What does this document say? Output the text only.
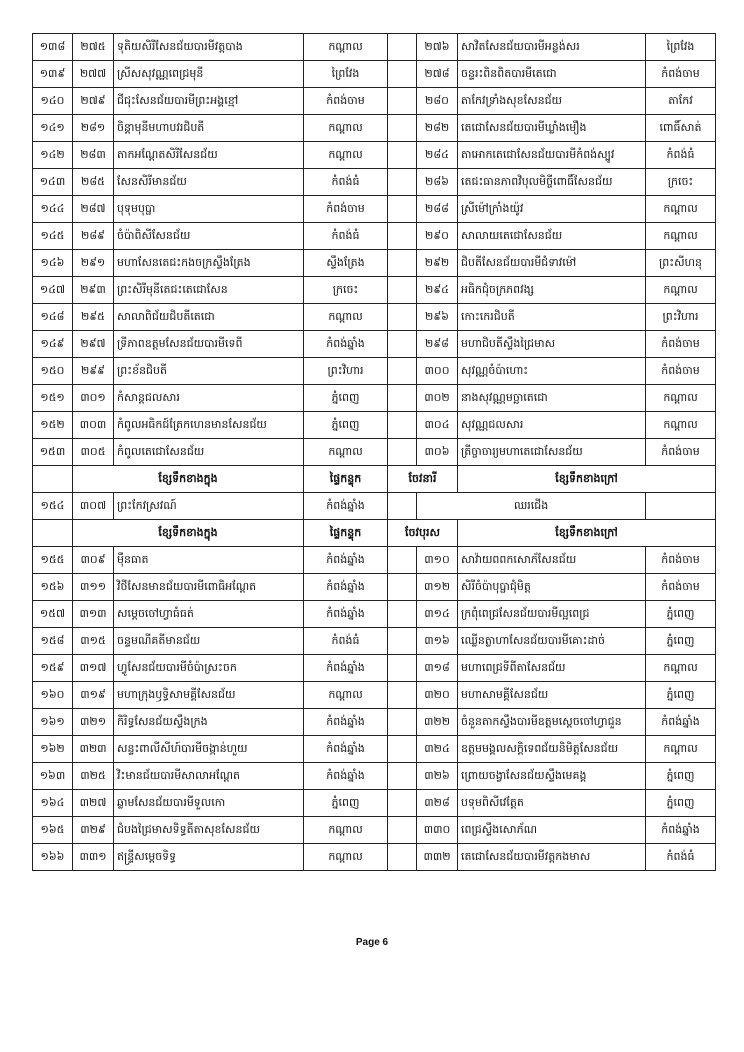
១៣៨	២៧៥	ទុតិយសិរីសែនជ័យបារមីវត្តបាង	កណ្តាល		២៧៦	សាវិតសែនជ័យបារមីអន្លង់សរ	ព្រៃវែង
១៣៩	២៧៧	ស្រីសសុវណ្ណពេជ្រមុនី	ព្រៃវែង		២៧៨	ចន្ទរះពិនពិតបារមីតេជោ	កំពង់ចាម
១៤០	២៧៩	ជីជុះសែនជ័យបារមីព្រះអង្គខ្មៅ	កំពង់ចាម		២៨០	តាកែវទ្រាំងសុខសែនជ័យ	តាកែវ
១៤១	២៨១	ចិន្តាមុនីមហាបវរជិបតី	កណ្តាល		២៨២	តេជោសែនជ័យបារមីឃ្លាំងមឿង	ពោធិ៍សាត់
១៤២	២៨៣	តាកអណ្តែតសិរីសែនជ័យ	កណ្តាល		២៨៤	តាអោកតេជោសែនជ័យបារមីកំពង់ស្បូវ	កំពង់ធំ
១៤៣	២៨៥	សែនសិរីមានជ័យ	កំពង់ធំ		២៨៦	តេជះធានភាពវិបុលមិច្ចីពោធិ៍សែនជ័យ	ក្រចេះ
១៤៤	២៨៧	បុទុមបុប្ផា	កំពង់ចាម		២៨៨	ស្រីម៉ៅក្រាំងយ៉ូវ	កណ្តាល
១៤៥	២៨៩	ចំប៉ាពិសីសែនជ័យ	កំពង់ធំ		២៩០	សាលាយតេជោសែនជ័យ	កណ្តាល
១៤៦	២៩១	មហាសែនតេជះកងចក្រស្ទឹងត្រែង	ស្ទឹងត្រែង		២៩២	ជិបតីសែនជ័យបារមីជំទាវម៉ៅ	ព្រះសីហនុ
១៤៧	២៩៣	ព្រះសិរីមុនីតេជះតេជោសែន	ក្រចេះ		២៩៤	អធិកជុំចក្រភពវង្ស	កណ្តាល
១៤៨	២៩៥	សាលាពិជ័យជិបតីតេជោ	កណ្តាល		២៩៦	កោះកេរជិបតី	ព្រះវិហារ
១៤៩	២៩៧	ទ្រីភាពឧត្តមសែនជ័យបារមីទេពី	កំពង់ឆ្នាំង		២៩៨	មហាជិបតីស្ទឹងជ្រៃមាស	កំពង់ចាម
១៥០	២៩៩	ព្រះខ័នជិបតី	ព្រះវិហារ		៣០០	សុវណ្ណចំប៉ាហោះ	កំពង់ចាម
១៥១	៣០១	កំសាន្តជលសារ	ភ្នំពេញ		៣០២	នាងសុវណ្ណមច្ឆាតេជោ	កណ្តាល
១៥២	៣០៣	កំពូលអធិកជ៍ត្រែកហេនមានសែនជ័យ	ភ្នំពេញ		៣០៤	សុវណ្ណជលសារ	កណ្តាល
១៥៣	៣០៥	កំពូលតេជោសែនជ័យ	កណ្តាល		៣០៦	ត្រីច្ចាចារ្យមហាតេជោសែនជ័យ	កំពង់ចាម
	ខ្សែទឹកខាងក្នុង		ផ្ទៃកន្ទុក	ចែវនារី		ខ្សែទឹកខាងក្រៅ	
១៥៤	៣០៧	ព្រះកែវស្រវណ៍	កំពង់ឆ្នាំង		ឈរជើង		
	ខ្សែទឹកខាងក្នុង		ផ្ទៃកន្ទុក	ចែវបុរស		ខ្សែទឹកខាងក្រៅ	
១៥៥	៣០៩	ម៉ឺនធាត	កំពង់ឆ្នាំង		៣១០	សាវ៉ាយពពកសោភ័សែនជ័យ	កំពង់ចាម
១៥៦	៣១១	វិថីសែនមានជ័យបារមីពោធិអណ្តែត	កំពង់ឆ្នាំង		៣១២	សិរីចំប៉ាបុប្ផាជុំមិត្ត	កំពង់ចាម
១៥៧	៣១៣	សម្តេចចៅហ្វាធំធត់	កំពង់ឆ្នាំង		៣១៤	ក្រពុំពេជ្រសែនជ័យបារមីល្អពេជ្រ	ភ្នំពេញ
១៥៨	៣១៥	ចន្ទមណីគតីមានជ័យ	កំពង់ធំ		៣១៦	ឈ្លើនត្លាហាសែនជ័យបារមីគោះដាច់	ភ្នំពេញ
១៥៩	៣១៧	ហ្វូសែនជ័យបារមីចំប៉ាស្រះចក	កំពង់ឆ្នាំង		៣១៨	មហាពេជ្រទីពីតាសែនជ័យ	កណ្តាល
១៦០	៣១៩	មហាក្រុងឫទ្ធិសាមគ្គីសែនជ័យ	កណ្តាល		៣២០	មហាសាមគ្គីសែនជ័យ	ភ្នំពេញ
១៦១	៣២១	កិរិទ្ធសែនជ័យស្ទឹងក្រង	កំពង់ឆ្នាំង		៣២២	ចំនួនតាកស្ទឹងបារមីឧត្តមស្តេចចៅហ្វាជួន	កំពង់ឆ្នាំង
១៦២	៣២៣	សន្ទះពាលីសីហ៍បារមីចង្កាន់ហួយ	កំពង់ឆ្នាំង		៣២៤	ឧត្តមមង្គលសក្តិទេពជ័យនិមិត្តសែនជ័យ	កណ្តាល
១៦៣	៣២៥	វិះមានជ័យបារមីសាលាអណ្តែត	កំពង់ឆ្នាំង		៣២៦	ព្រោយចង្វាសែនជ័យស្ទឹងមេគង្គ	ភ្នំពេញ
១៦៤	៣២៧	ឆ្លាមសែនជ័យបារមីទួលកោ	ភ្នំពេញ		៣២៨	បទុមពិសីវេត្តែត	ភ្នំពេញ
១៦៥	៣២៩	ជំបងជ្រៃមាសទិទ្ធតីតាសុខសែនជ័យ	កណ្តាល		៣៣០	ពេជ្រស្ទឹងសោភ័ណ	កំពង់ឆ្នាំង
១៦៦	៣៣១	ឥន្ទ្រីសម្តេចទិទ្ធ	កណ្តាល		៣៣២	តេជោសែនជ័យបារមីវត្តកងមាស	កំពង់ធំ
Page 6
